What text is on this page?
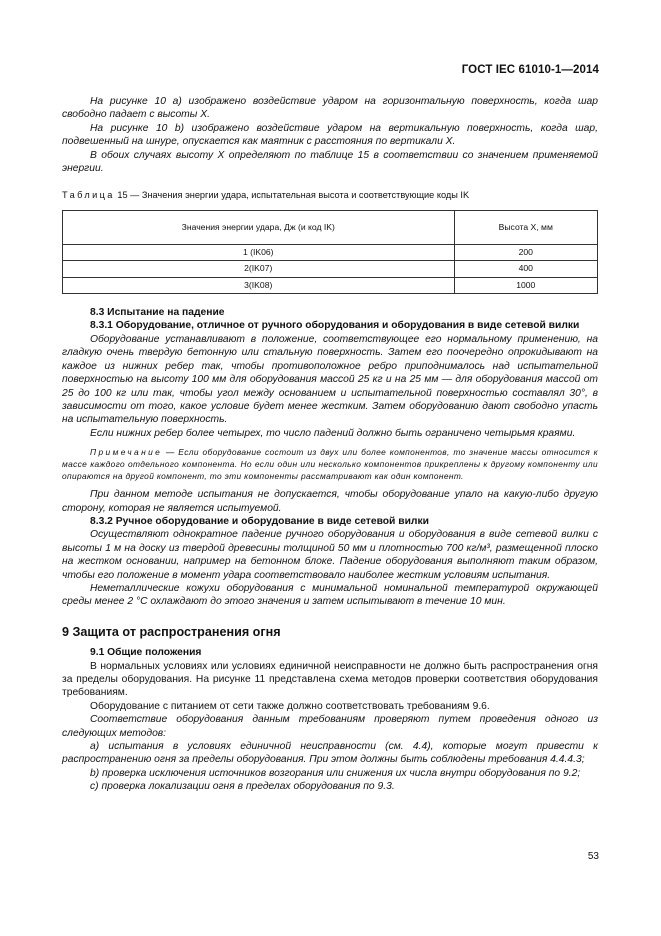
ГОСТ IEC 61010-1—2014

На рисунке 10 a) изображено воздействие ударом на горизонтальную поверхность, когда шар свободно падает с высоты X.

На рисунке 10 b) изображено воздействие ударом на вертикальную поверхность, когда шар, подвешенный на шнуре, опускается как маятник с расстояния по вертикали X.

В обоих случаях высоту X определяют по таблице 15 в соответствии со значением применяемой энергии.

Таблица 15 — Значения энергии удара, испытательная высота и соответствующие коды IK
Значения энергии удара, Дж (и код IK)	Высота X, мм
1 (IK06)	200
2(IK07)	400
3(IK08)	1000

8.3 Испытание на падение

8.3.1 Оборудование, отличное от ручного оборудования и оборудования в виде сетевой вилки

Оборудование устанавливают в положение, соответствующее его нормальному применению, на гладкую очень твердую бетонную или стальную поверхность. Затем его поочередно опрокидывают на каждое из нижних ребер так, чтобы противоположное ребро приподнималось над испытательной поверхностью на высоту 100 мм для оборудования массой 25 кг и на 25 мм — для оборудования массой от 25 до 100 кг или так, чтобы угол между основанием и испытательной поверхностью составлял 30°, в зависимости от того, какое условие будет менее жестким. Затем оборудованию дают свободно упасть на испытательную поверхность.

Если нижних ребер более четырех, то число падений должно быть ограничено четырьмя краями.

Примечание — Если оборудование состоит из двух или более компонентов, то значение массы относится к массе каждого отдельного компонента. Но если один или несколько компонентов прикреплены к другому компоненту или опираются на другой компонент, то эти компоненты рассматривают как один компонент.

При данном методе испытания не допускается, чтобы оборудование упало на какую-либо другую сторону, которая не является испытуемой.

8.3.2 Ручное оборудование и оборудование в виде сетевой вилки

Осуществляют однократное падение ручного оборудования и оборудования в виде сетевой вилки с высоты 1 м на доску из твердой древесины толщиной 50 мм и плотностью 700 кг/м³, размещенной плоско на жестком основании, например на бетонном блоке. Падение оборудования выполняют таким образом, чтобы его положение в момент удара соответствовало наиболее жестким условиям испытания.

Неметаллические кожухи оборудования с минимальной номинальной температурой окружающей среды менее 2 °С охлаждают до этого значения и затем испытывают в течение 10 мин.

9 Защита от распространения огня

9.1 Общие положения

В нормальных условиях или условиях единичной неисправности не должно быть распространения огня за пределы оборудования. На рисунке 11 представлена схема методов проверки соответствия оборудования требованиям.

Оборудование с питанием от сети также должно соответствовать требованиям 9.6.

Соответствие оборудования данным требованиям проверяют путем проведения одного из следующих методов:

a) испытания в условиях единичной неисправности (см. 4.4), которые могут привести к распространению огня за пределы оборудования. При этом должны быть соблюдены требования 4.4.4.3;

b) проверка исключения источников возгорания или снижения их числа внутри оборудования по 9.2;

c) проверка локализации огня в пределах оборудования по 9.3.

53
